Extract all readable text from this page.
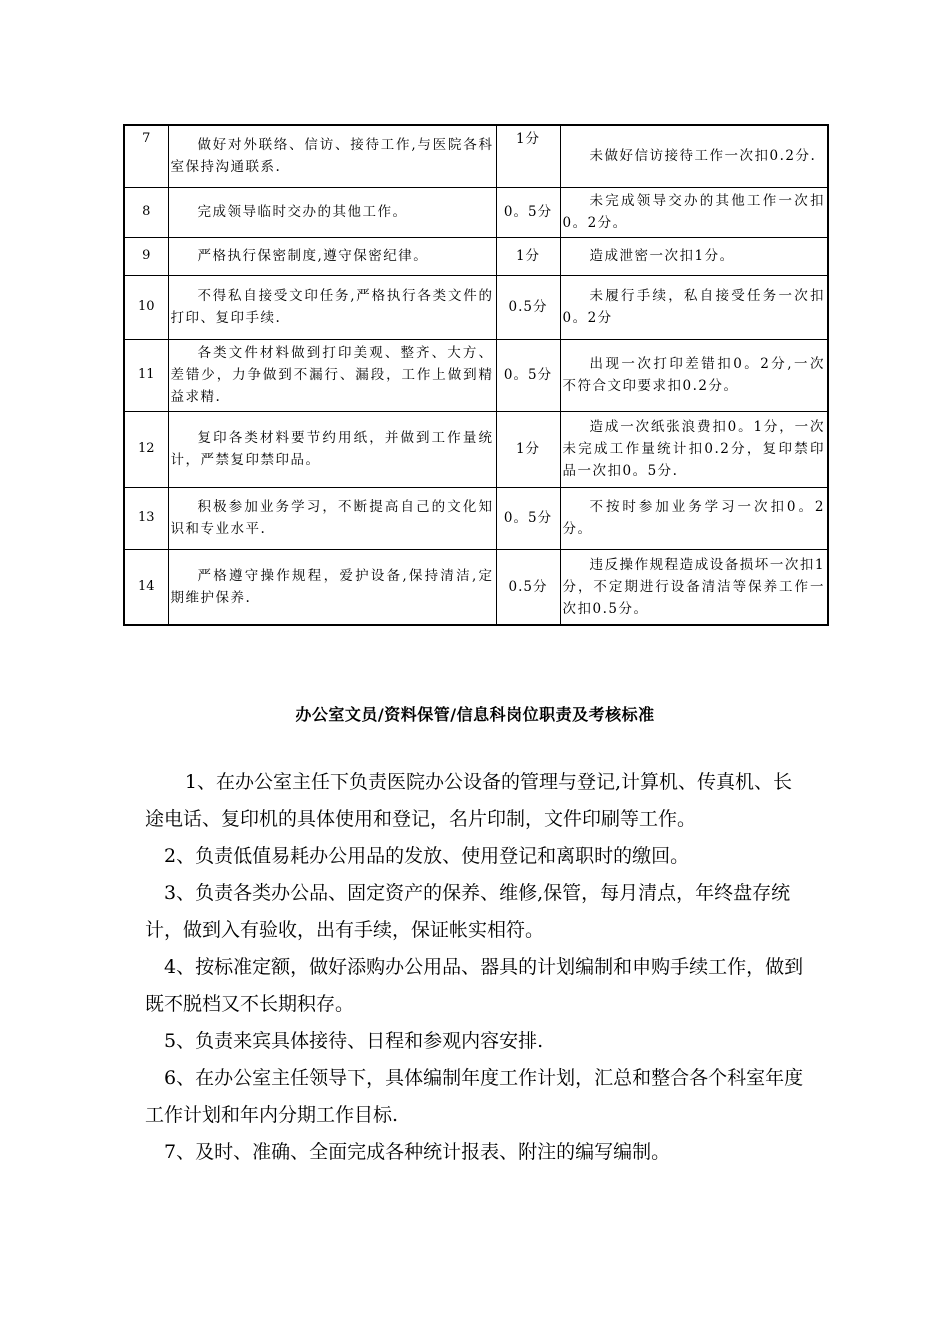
7	做好对外联络、信访、接待工作,与医院各科室保持沟通联系.	1分	未做好信访接待工作一次扣0.2分.
8	完成领导临时交办的其他工作。	0。5分	未完成领导交办的其他工作一次扣0。2分。
9	严格执行保密制度,遵守保密纪律。	1分	造成泄密一次扣1分。
10	不得私自接受文印任务,严格执行各类文件的打印、复印手续.	0.5分	未履行手续，私自接受任务一次扣0。2分
11	各类文件材料做到打印美观、整齐、大方、差错少，力争做到不漏行、漏段，工作上做到精益求精.	0。5分	出现一次打印差错扣0。2分,一次不符合文印要求扣0.2分。
12	复印各类材料要节约用纸，并做到工作量统计，严禁复印禁印品。	1分	造成一次纸张浪费扣0。1分，一次未完成工作量统计扣0.2分，复印禁印品一次扣0。5分.
13	积极参加业务学习，不断提高自己的文化知识和专业水平.	0。5分	不按时参加业务学习一次扣0。2分。
14	严格遵守操作规程，爱护设备,保持清洁,定期维护保养.	0.5分	违反操作规程造成设备损坏一次扣1分，不定期进行设备清洁等保养工作一次扣0.5分。
办公室文员/资料保管/信息科岗位职责及考核标准

1、在办公室主任下负责医院办公设备的管理与登记,计算机、传真机、长途电话、复印机的具体使用和登记，名片印制，文件印刷等工作。

2、负责低值易耗办公用品的发放、使用登记和离职时的缴回。

3、负责各类办公品、固定资产的保养、维修,保管，每月清点，年终盘存统计，做到入有验收，出有手续，保证帐实相符。

4、按标准定额，做好添购办公用品、器具的计划编制和申购手续工作，做到既不脱档又不长期积存。

5、负责来宾具体接待、日程和参观内容安排.

6、在办公室主任领导下，具体编制年度工作计划，汇总和整合各个科室年度工作计划和年内分期工作目标.

7、及时、准确、全面完成各种统计报表、附注的编写编制。
